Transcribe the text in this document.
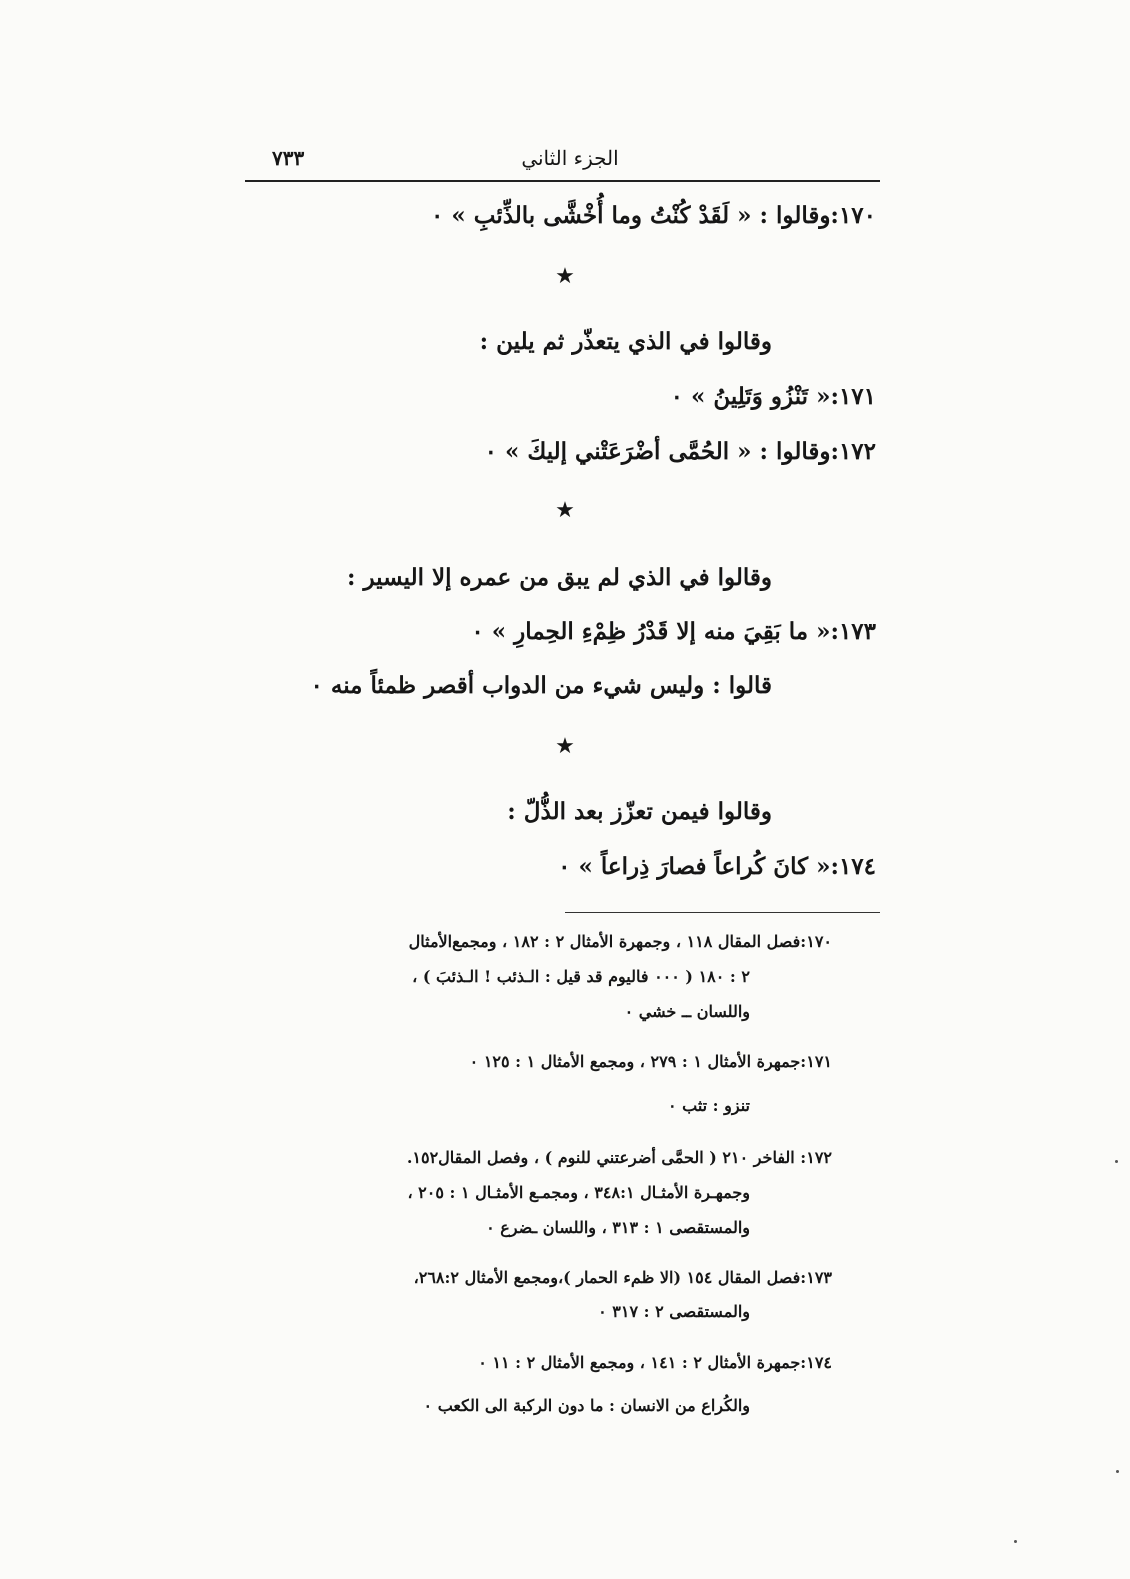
٧٣٣	الجزء الثاني
١٧٠:وقالوا : « لَقَدْ كُنْتُ وما أُخْشَّى بالذِّئبِ » ٠
★
وقالوا في الذي يتعذّر ثم يلين :
١٧١:« تَنْزُو وَتَلِينُ » ٠
١٧٢:وقالوا : « الحُمَّى أضْرَعَتْني إليكَ » ٠
★
وقالوا في الذي لم يبق من عمره إلا اليسير :
١٧٣:« ما بَقِيَ منه إلا قَدْرُ ظِمْءِ الحِمارِ » ٠
قالوا : وليس شيء من الدواب أقصر ظمئاً منه ٠
★
وقالوا فيمن تعزّز بعد الذُّلّ :
١٧٤:« كانَ كُراعاً فصارَ ذِراعاً » ٠
١٧٠:فصل المقال ١١٨ ، وجمهرة الأمثال ٢ : ١٨٢ ، ومجمع‌الأمثال
٢ : ١٨٠ ( ٠٠٠ فاليوم قد قيل : الـذئب ! الـذئبَ ) ،
واللسان ــ خشي ٠
١٧١:جمهرة الأمثال ١ : ٢٧٩ ، ومجمع الأمثال ١ : ١٢٥ ٠
تنزو : تثب ٠
١٧٢: الفاخر ٢١٠ ( الحمَّى أضرعتني للنوم ) ، وفصل المقال١٥٢.
وجمهـرة الأمثـال ٣٤٨:١ ، ومجمـع الأمثـال ١ : ٢٠٥ ،
والمستقصى ١ : ٣١٣ ، واللسان ـضرع ٠
١٧٣:فصل المقال ١٥٤ (الا ظمء الحمار )،ومجمع الأمثال ٢٦٨:٢،
والمستقصى ٢ : ٣١٧ ٠
١٧٤:جمهرة الأمثال ٢ : ١٤١ ، ومجمع الأمثال ٢ : ١١ ٠
والكُراع من الانسان : ما دون الركبة الى الكعب ٠
